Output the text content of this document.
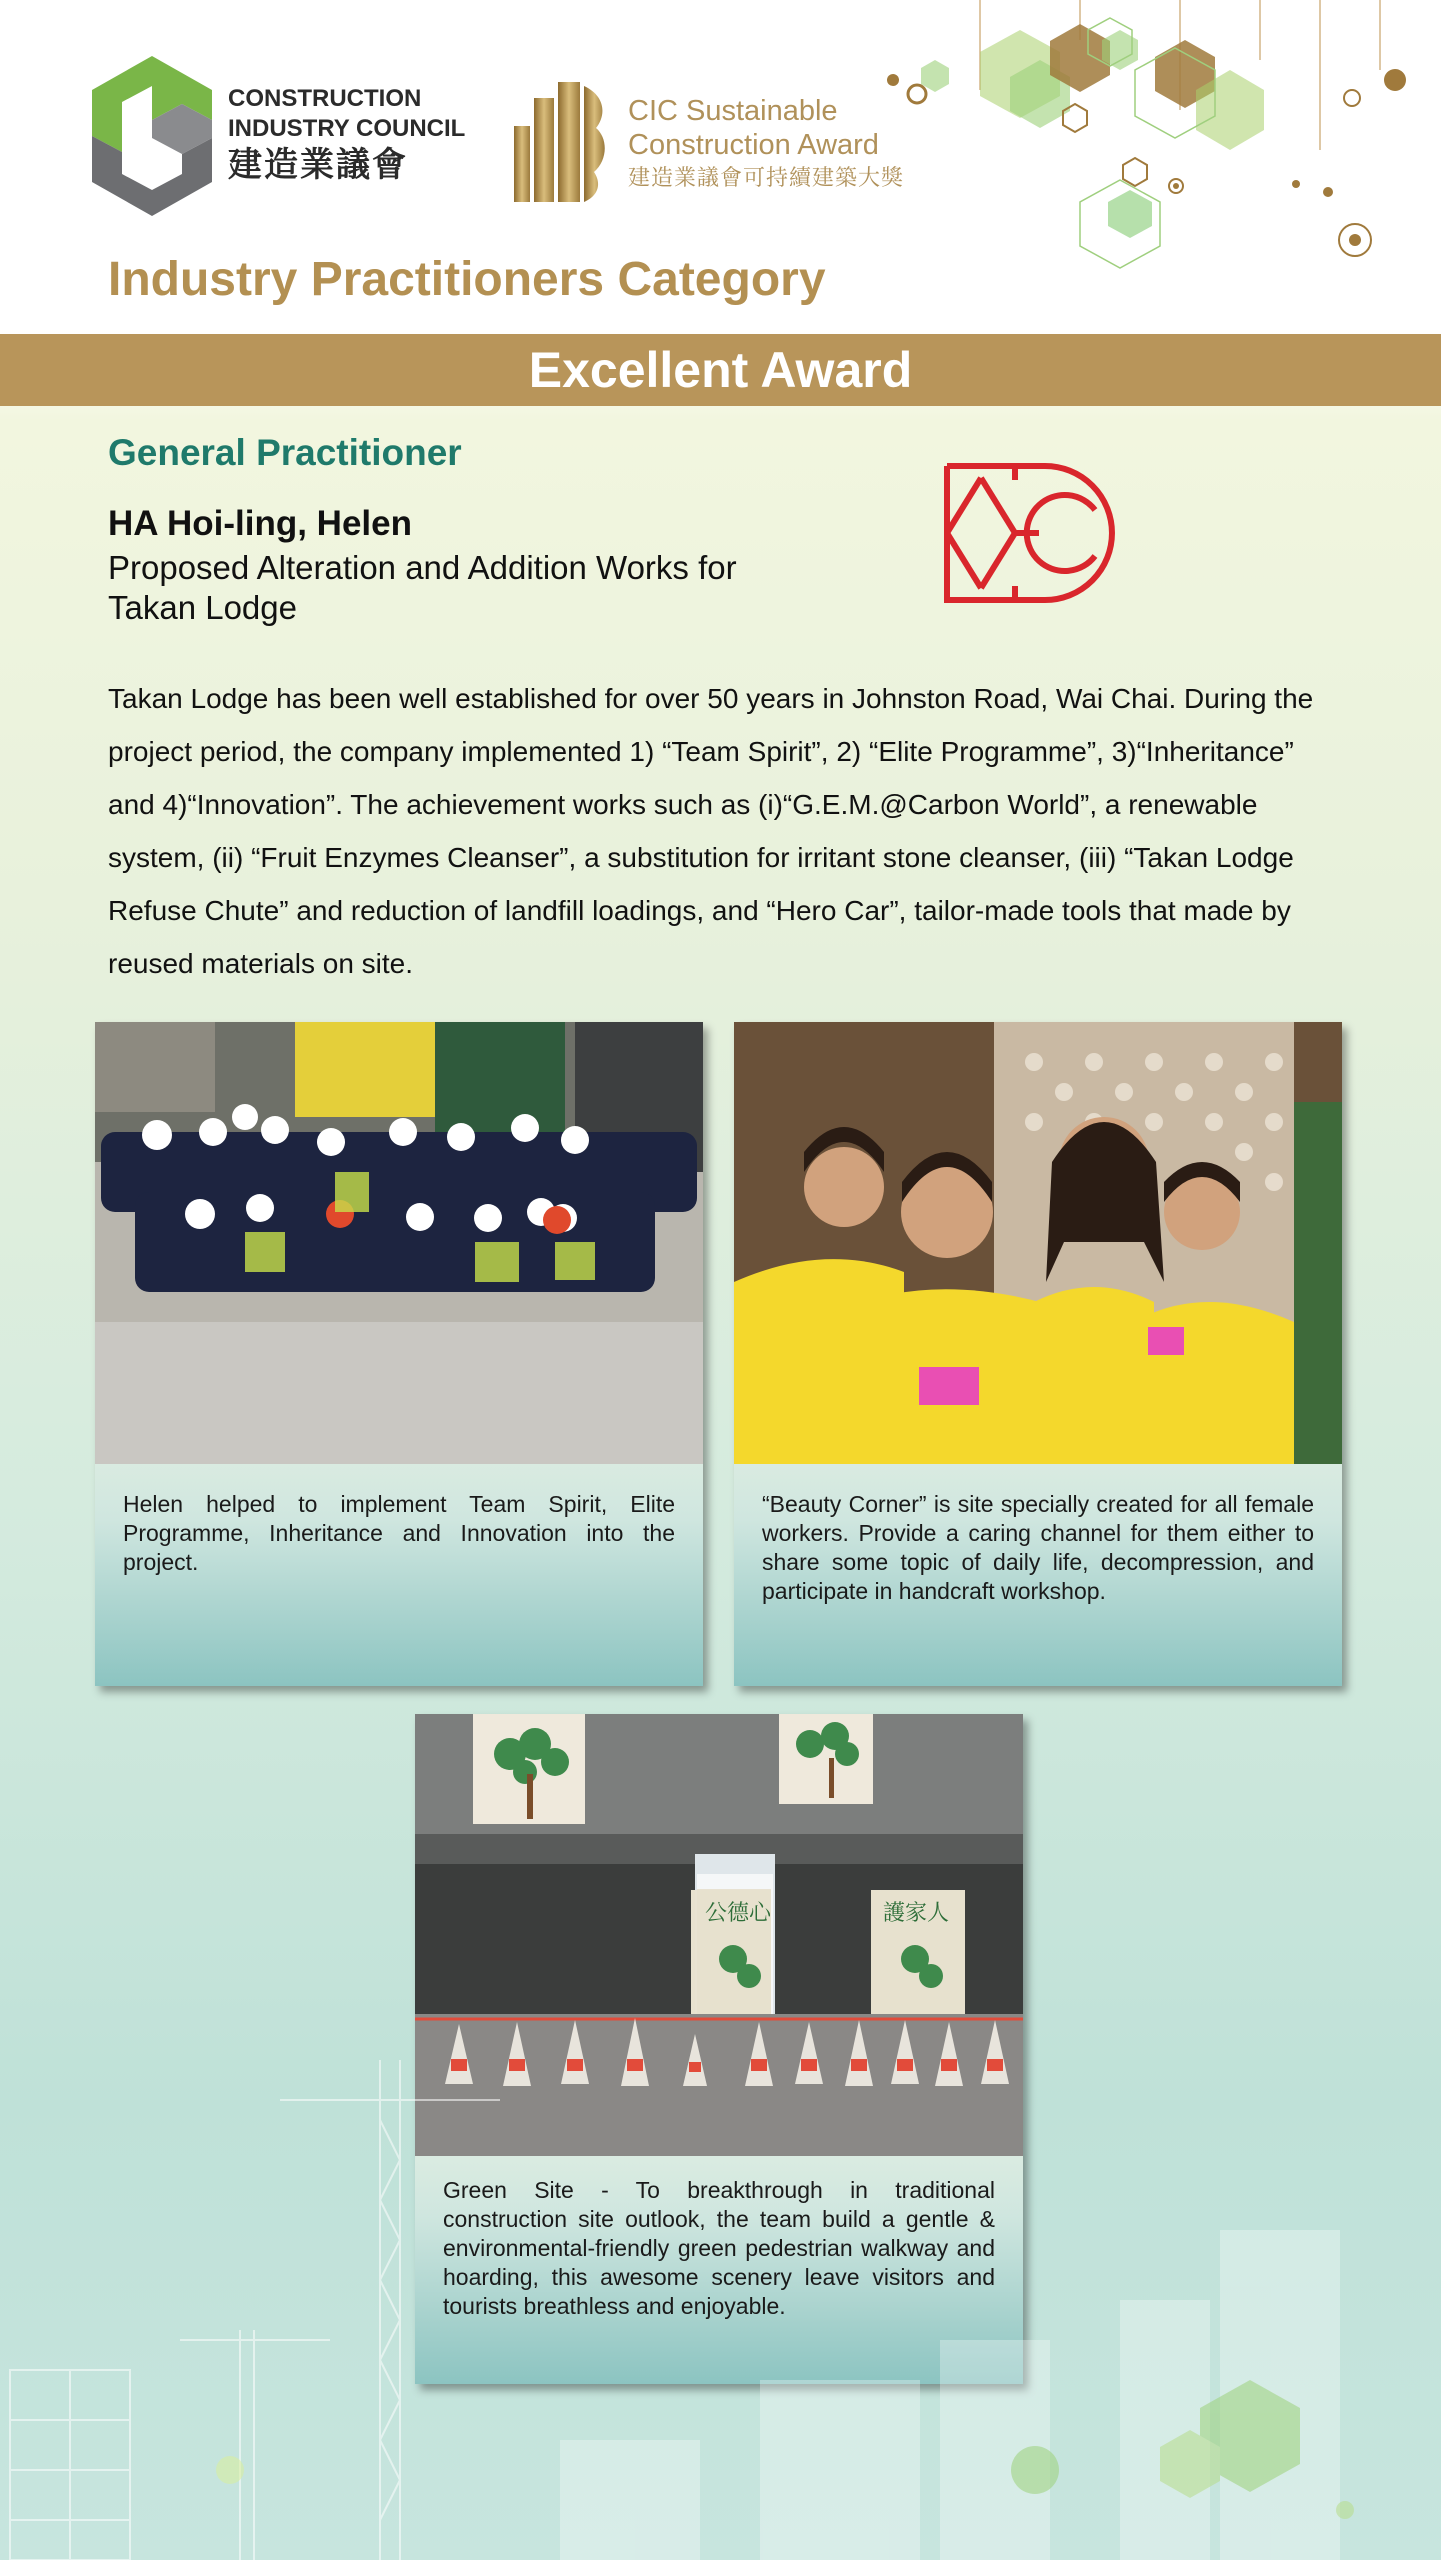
CONSTRUCTION
INDUSTRY COUNCIL
建造業議會
CIC Sustainable
Construction Award
建造業議會可持續建築大獎
Industry Practitioners Category
Excellent Award
General Practitioner
HA Hoi-ling, Helen
Proposed Alteration and Addition Works for
Takan Lodge
Takan Lodge has been well established for over 50 years in Johnston Road, Wai Chai. During the project period, the company implemented 1) “Team Spirit”, 2) “Elite Programme”, 3)“Inheritance” and 4)“Innovation”. The achievement works such as (i)“G.E.M.@Carbon World”, a renewable system, (ii) “Fruit Enzymes Cleanser”, a substitution for irritant stone cleanser, (iii) “Takan Lodge Refuse Chute” and reduction of landfill loadings, and “Hero Car”, tailor-made tools that made by reused materials on site.
Helen helped to implement Team Spirit, Elite Programme, Inheritance and Innovation into the project.
“Beauty Corner” is site specially created for all female workers. Provide a caring channel for them either to share some topic of daily life, decompression, and participate in handcraft workshop.
公德心	護家人
Green Site - To breakthrough in traditional construction site outlook, the team build a gentle & environmental-friendly green pedestrian walkway and hoarding, this awesome scenery leave visitors and tourists breathless and enjoyable.
